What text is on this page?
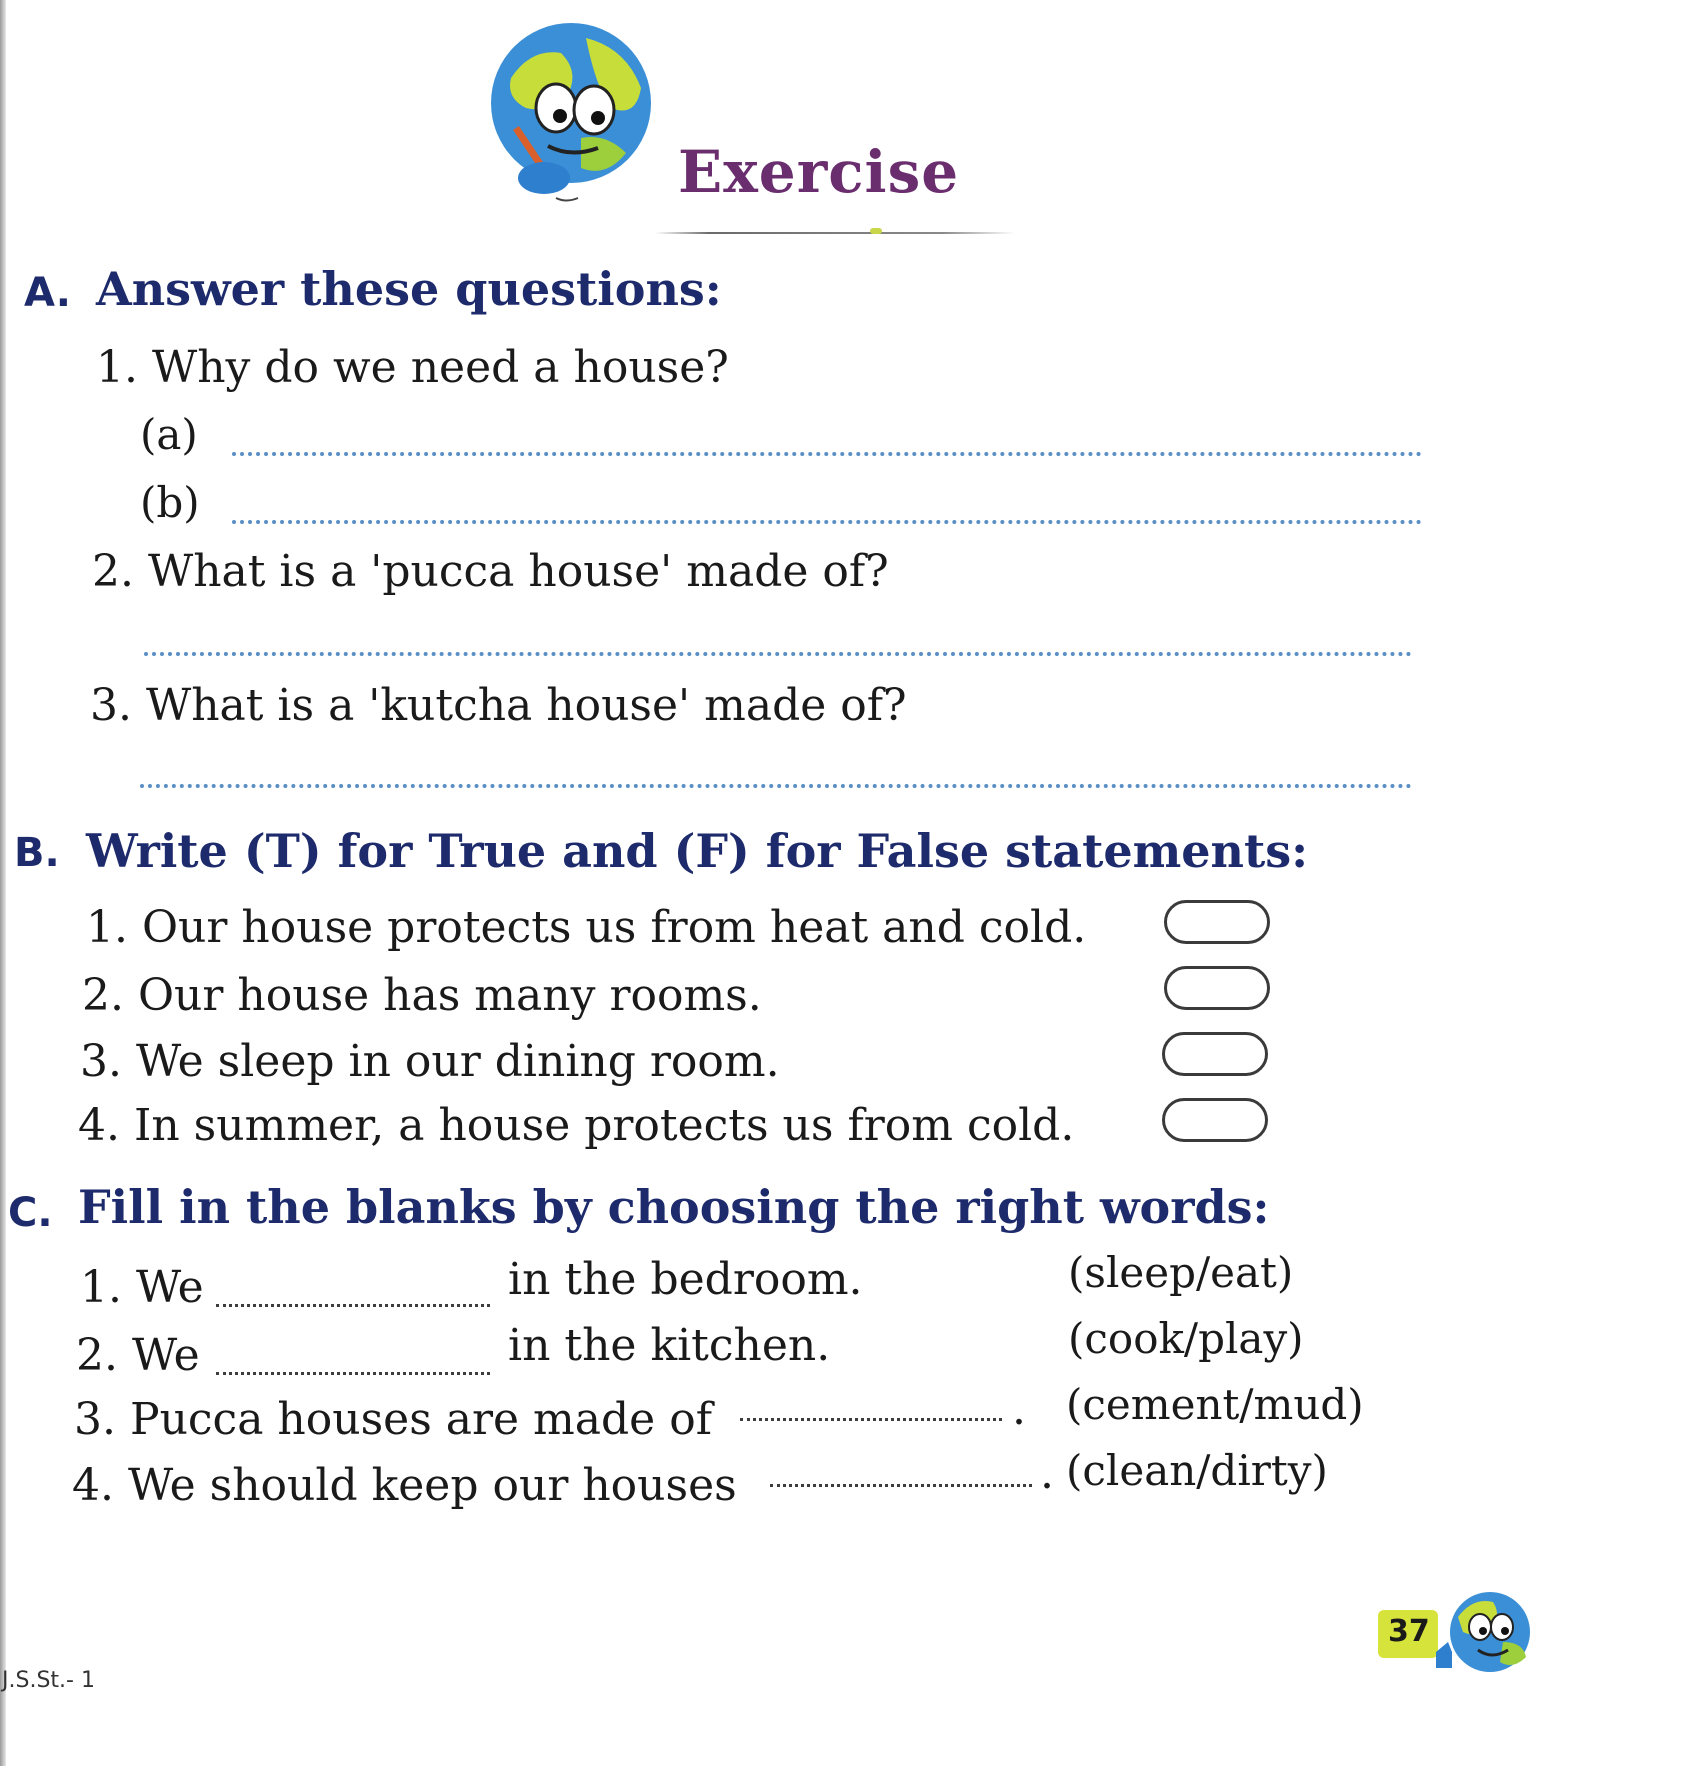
Exercise
A. Answer these questions:
1. Why do we need a house?
(a)
(b)
2. What is a 'pucca house' made of?
3. What is a 'kutcha house' made of?
B. Write (T) for True and (F) for False statements:
1. Our house protects us from heat and cold.
2. Our house has many rooms.
3. We sleep in our dining room.
4. In summer, a house protects us from cold.
C. Fill in the blanks by choosing the right words:
1. We	in the bedroom.	(sleep/eat)
2. We	in the kitchen.	(cook/play)
3. Pucca houses are made of	. (cement/mud)
4. We should keep our houses	. (clean/dirty)
J.S.St.- 1
37
